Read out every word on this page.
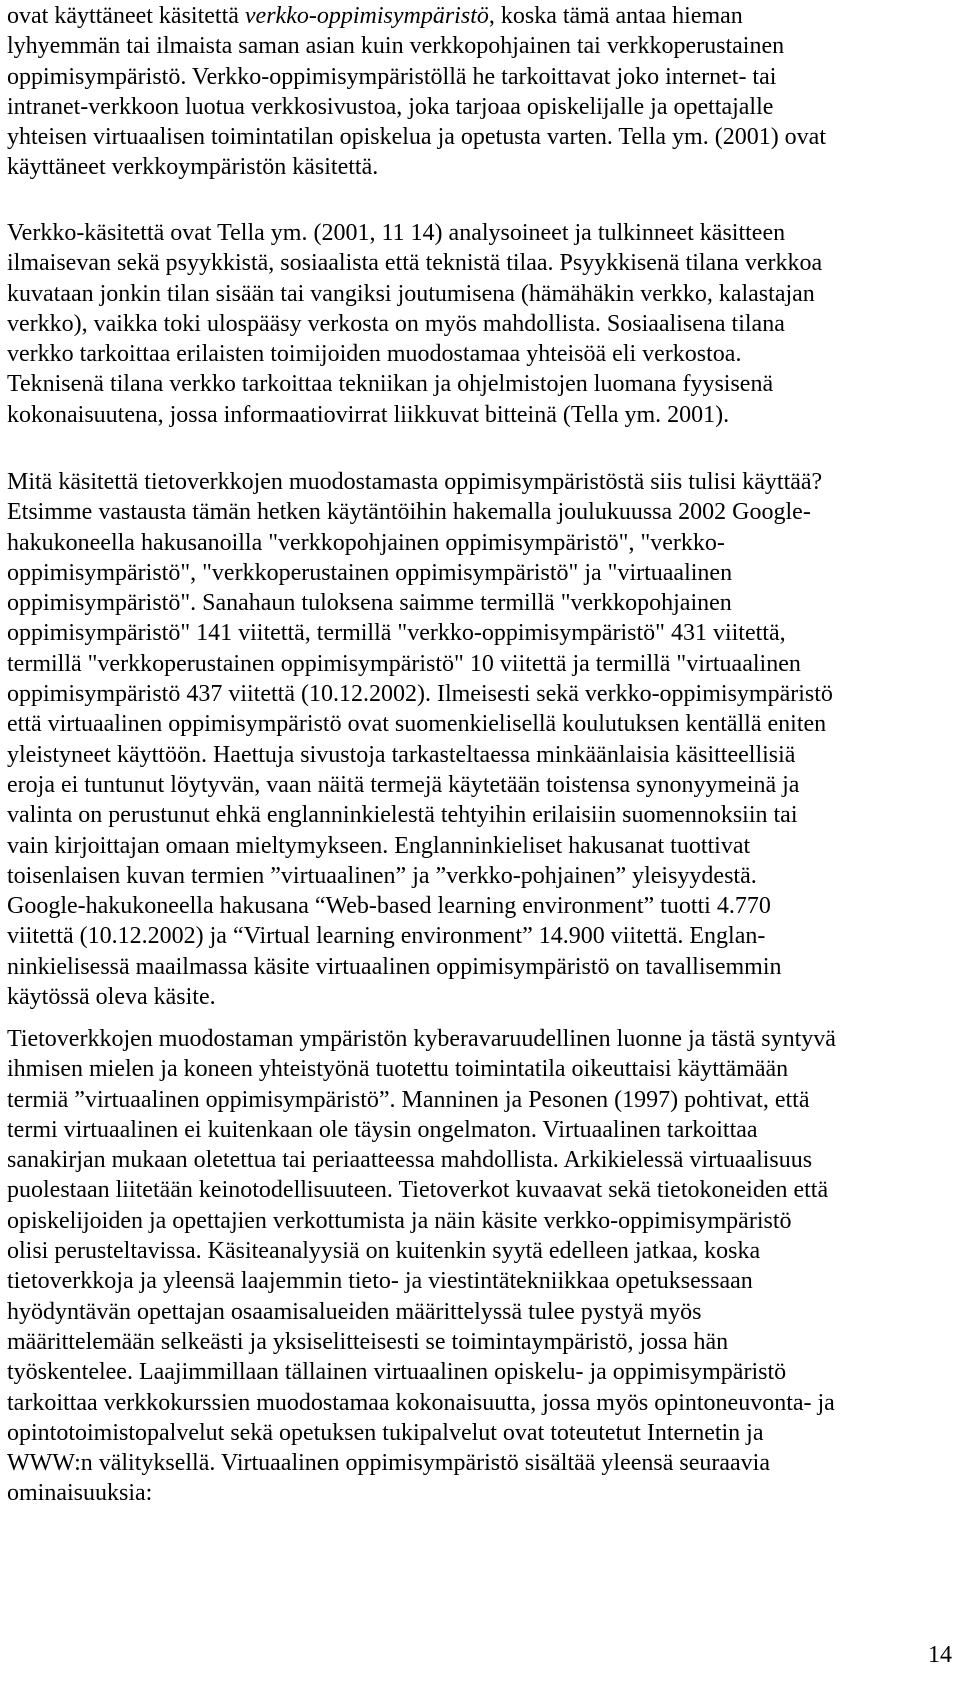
ovat käyttäneet käsitettä verkko-oppimisympäristö, koska tämä antaa hieman
lyhyemmän tai ilmaista saman asian kuin verkkopohjainen tai verkkoperustainen
oppimisympäristö. Verkko-oppimisympäristöllä he tarkoittavat joko internet- tai
intranet-verkkoon luotua verkkosivustoa, joka tarjoaa opiskelijalle ja opettajalle
yhteisen virtuaalisen toimintatilan opiskelua ja opetusta varten. Tella ym. (2001) ovat
käyttäneet verkkoympäristön käsitettä.
Verkko-käsitettä ovat Tella ym. (2001, 11 14) analysoineet ja tulkinneet käsitteen
ilmaisevan sekä psyykkistä, sosiaalista että teknistä tilaa. Psyykkisenä tilana verkkoa
kuvataan jonkin tilan sisään tai vangiksi joutumisena (hämähäkin verkko, kalastajan
verkko), vaikka toki ulospääsy verkosta on myös mahdollista. Sosiaalisena tilana
verkko tarkoittaa erilaisten toimijoiden muodostamaa yhteisöä eli verkostoa.
Teknisenä tilana verkko tarkoittaa tekniikan ja ohjelmistojen luomana fyysisenä
kokonaisuutena, jossa informaatiovirrat liikkuvat bitteinä (Tella ym. 2001).
Mitä käsitettä tietoverkkojen muodostamasta oppimisympäristöstä siis tulisi käyttää?
Etsimme vastausta tämän hetken käytäntöihin hakemalla joulukuussa 2002 Google-
hakukoneella hakusanoilla "verkkopohjainen oppimisympäristö", "verkko-
oppimisympäristö", "verkkoperustainen oppimisympäristö" ja "virtuaalinen
oppimisympäristö". Sanahaun tuloksena saimme termillä "verkkopohjainen
oppimisympäristö" 141 viitettä, termillä "verkko-oppimisympäristö" 431 viitettä,
termillä "verkkoperustainen oppimisympäristö" 10 viitettä ja termillä "virtuaalinen
oppimisympäristö 437 viitettä (10.12.2002). Ilmeisesti sekä verkko-oppimisympäristö
että virtuaalinen oppimisympäristö ovat suomenkielisellä koulutuksen kentällä eniten
yleistyneet käyttöön. Haettuja sivustoja tarkasteltaessa minkäänlaisia käsitteellisiä
eroja ei tuntunut löytyvän, vaan näitä termejä käytetään toistensa synonyymeinä ja
valinta on perustunut ehkä englanninkielestä tehtyihin erilaisiin suomennoksiin tai
vain kirjoittajan omaan mieltymykseen. Englanninkieliset hakusanat tuottivat
toisenlaisen kuvan termien ”virtuaalinen” ja ”verkko-pohjainen” yleisyydestä.
Google-hakukoneella hakusana “Web-based learning environment” tuotti 4.770
viitettä (10.12.2002) ja “Virtual learning environment” 14.900 viitettä. Englan-
ninkielisessä maailmassa käsite virtuaalinen oppimisympäristö on tavallisemmin
käytössä oleva käsite.
Tietoverkkojen muodostaman ympäristön kyberavaruudellinen luonne ja tästä syntyvä
ihmisen mielen ja koneen yhteistyönä tuotettu toimintatila oikeuttaisi käyttämään
termiä ”virtuaalinen oppimisympäristö”. Manninen ja Pesonen (1997) pohtivat, että
termi virtuaalinen ei kuitenkaan ole täysin ongelmaton. Virtuaalinen tarkoittaa
sanakirjan mukaan oletettua tai periaatteessa mahdollista. Arkikielessä virtuaalisuus
puolestaan liitetään keinotodellisuuteen. Tietoverkot kuvaavat sekä tietokoneiden että
opiskelijoiden ja opettajien verkottumista ja näin käsite verkko-oppimisympäristö
olisi perusteltavissa. Käsiteanalyysiä on kuitenkin syytä edelleen jatkaa, koska
tietoverkkoja ja yleensä laajemmin tieto- ja viestintätekniikkaa opetuksessaan
hyödyntävän opettajan osaamisalueiden määrittelyssä tulee pystyä myös
määrittelemään selkeästi ja yksiselitteisesti se toimintaympäristö, jossa hän
työskentelee. Laajimmillaan tällainen virtuaalinen opiskelu- ja oppimisympäristö
tarkoittaa verkkokurssien muodostamaa kokonaisuutta, jossa myös opintoneuvonta- ja
opintotoimistopalvelut sekä opetuksen tukipalvelut ovat toteutetut Internetin ja
WWW:n välityksellä. Virtuaalinen oppimisympäristö sisältää yleensä seuraavia
ominaisuuksia:
14
